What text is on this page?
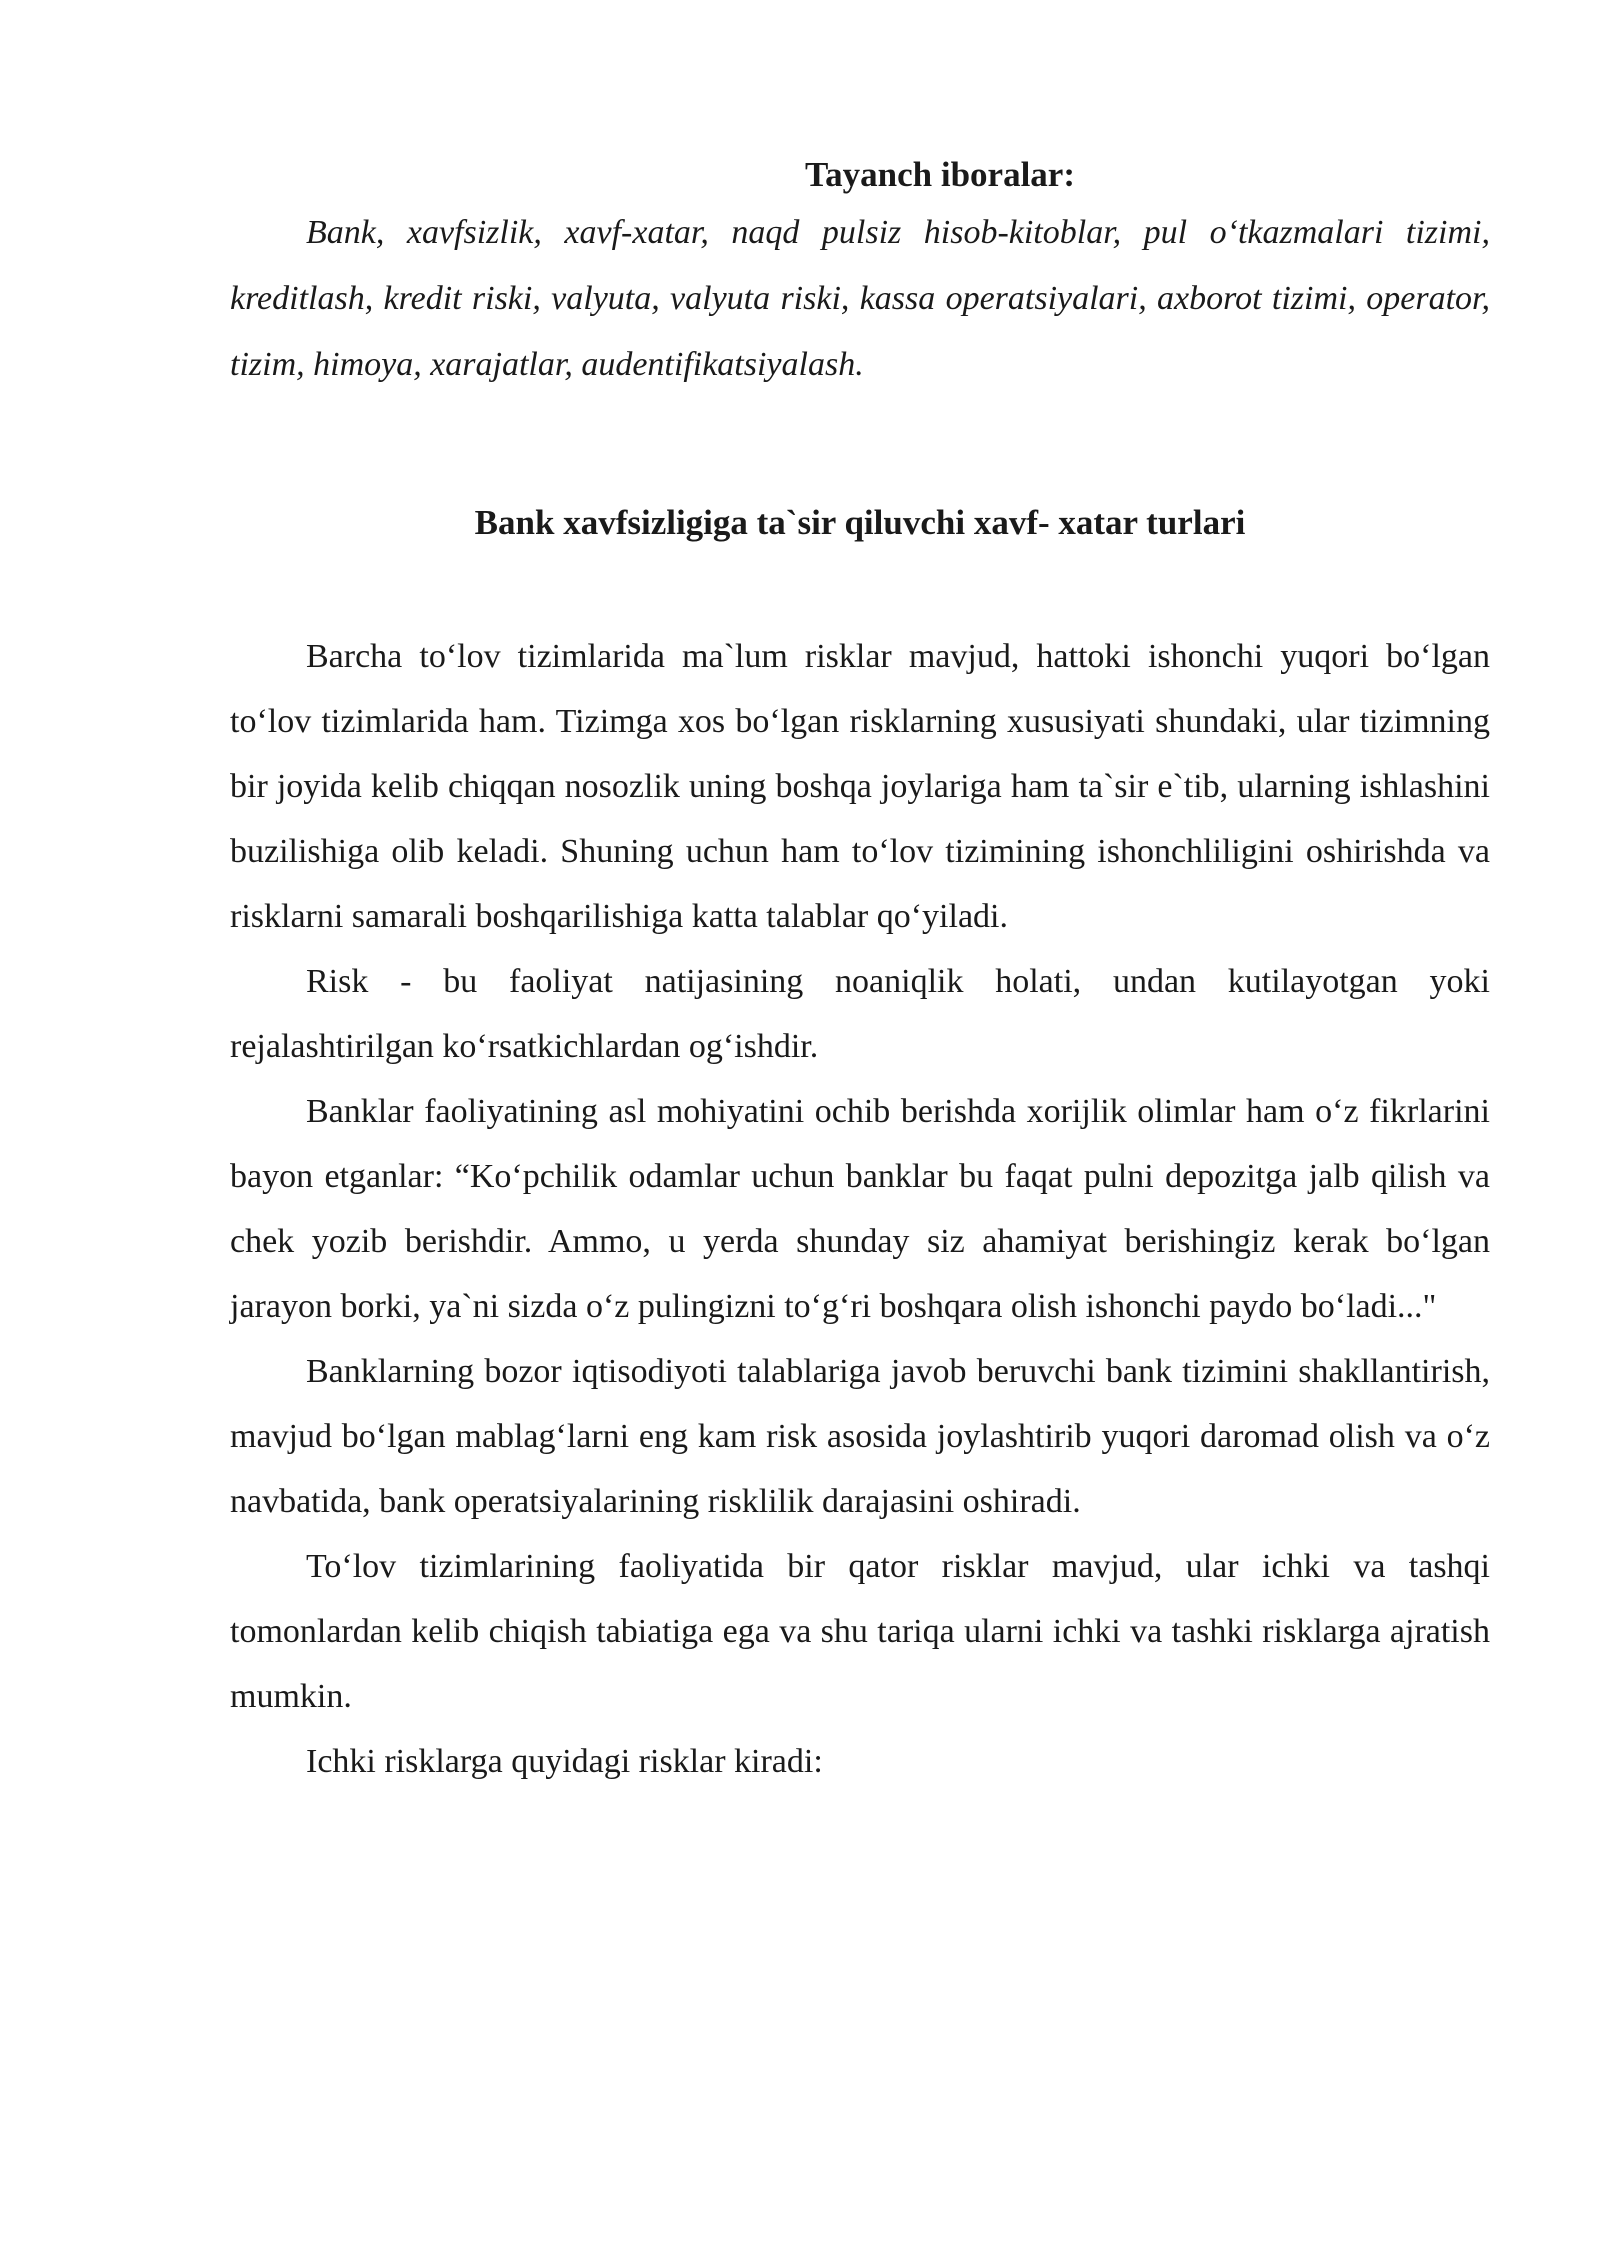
Tayanch iboralar:

Bank, xavfsizlik, xavf-xatar, naqd pulsiz hisob-kitoblar, pul o‘tkazmalari tizimi, kreditlash, kredit riski, valyuta, valyuta riski, kassa operatsiyalari, axborot tizimi, operator, tizim, himoya, xarajatlar, audentifikatsiyalash.

Bank xavfsizligiga ta`sir qiluvchi xavf- xatar turlari

Barcha to‘lov tizimlarida ma`lum risklar mavjud, hattoki ishonchi yuqori bo‘lgan to‘lov tizimlarida ham. Tizimga xos bo‘lgan risklarning xususiyati shundaki, ular tizimning bir joyida kelib chiqqan nosozlik uning boshqa joylariga ham ta`sir e`tib, ularning ishlashini buzilishiga olib keladi. Shuning uchun ham to‘lov tizimining ishonchliligini oshirishda va risklarni samarali boshqarilishiga katta talablar qo‘yiladi.

Risk - bu faoliyat natijasining noaniqlik holati, undan kutilayotgan yoki rejalashtirilgan ko‘rsatkichlardan og‘ishdir.

Banklar faoliyatining asl mohiyatini ochib berishda xorijlik olimlar ham o‘z fikrlarini bayon etganlar: “Ko‘pchilik odamlar uchun banklar bu faqat pulni depozitga jalb qilish va chek yozib berishdir. Ammo, u yerda shunday siz ahamiyat berishingiz kerak bo‘lgan jarayon borki, ya`ni sizda o‘z pulingizni to‘g‘ri boshqara olish ishonchi paydo bo‘ladi..."

Banklarning bozor iqtisodiyoti talablariga javob beruvchi bank tizimini shakllantirish, mavjud bo‘lgan mablag‘larni eng kam risk asosida joylashtirib yuqori daromad olish va o‘z navbatida, bank operatsiyalarining risklilik darajasini oshiradi.

To‘lov tizimlarining faoliyatida bir qator risklar mavjud, ular ichki va tashqi tomonlardan kelib chiqish tabiatiga ega va shu tariqa ularni ichki va tashki risklarga ajratish mumkin.

Ichki risklarga quyidagi risklar kiradi:
